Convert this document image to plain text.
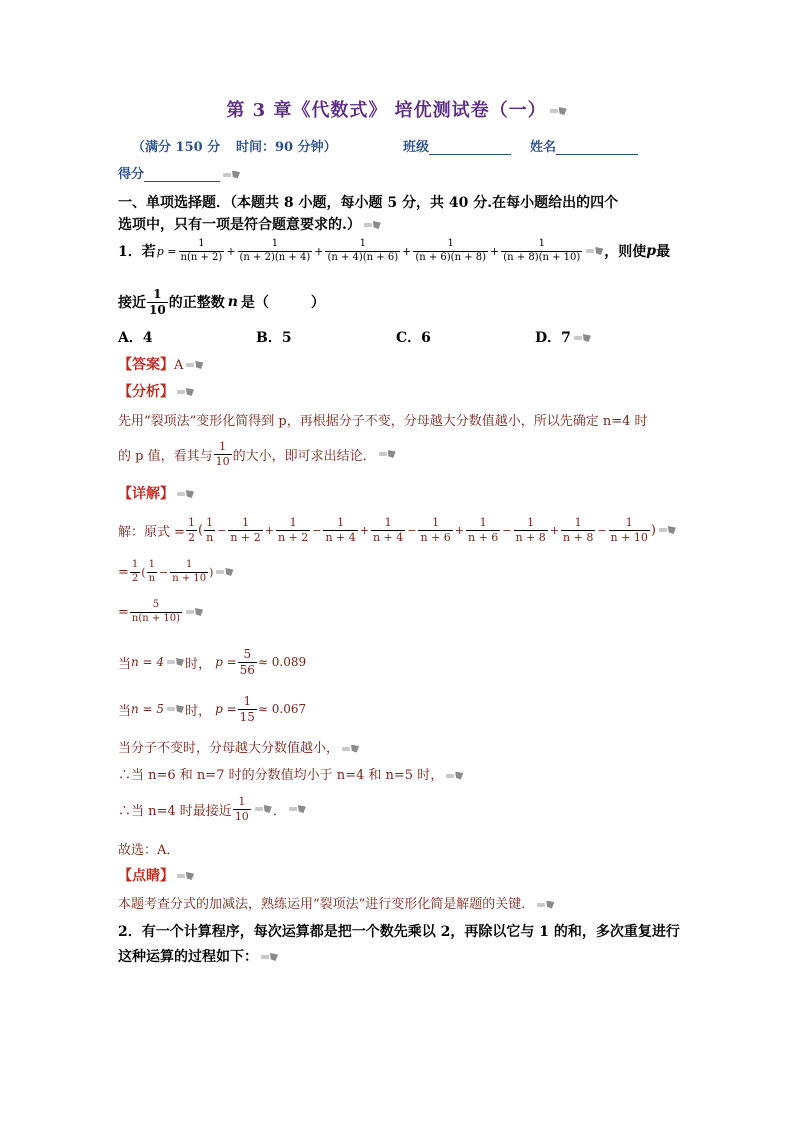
第 3 章《代数式》 培优测试卷（一）
（满分 150 分 时间：90 分钟）	班级	姓名
得分
一、单项选择题．（本题共 8 小题，每小题 5 分，共 40 分.在每小题给出的四个
选项中，只有一项是符合题意要求的.）
1．若 $p = \frac{1}{n(n + 2)} + \frac{1}{(n + 2)(n + 4)} + \frac{1}{(n + 4)(n + 6)} + \frac{1}{(n + 6)(n + 8)} + \frac{1}{(n + 8)(n + 10)}$ ，则使 p 最
接近 $\frac{1}{10}$ 的正整数 n 是（　　　）
A．4	B．5	C．6	D．7
【答案】A
【分析】
先用“裂项法”变形化简得到 p，再根据分子不变，分母越大分数值越小，所以先确定 n=4 时
的 p 值，看其与 $\frac{1}{10}$ 的大小，即可求出结论．
【详解】
解：原式 = $\frac{1}{2}$ ( $\frac{1}{n} - \frac{1}{n + 2} + \frac{1}{n + 2} - \frac{1}{n + 4} + \frac{1}{n + 4} - \frac{1}{n + 6} + \frac{1}{n + 6} - \frac{1}{n + 8} + \frac{1}{n + 8} - \frac{1}{n + 10}$ )
= $\frac{1}{2}$ ( $\frac{1}{n} - \frac{1}{n + 10}$ )
= $\frac{5}{n(n + 10)}$
当 n = 4 时， $p = \frac{5}{56} \approx 0.089$
当 n = 5 时， $p = \frac{1}{15} \approx 0.067$
当分子不变时，分母越大分数值越小，
∴当 n=6 和 n=7 时的分数值均小于 n=4 和 n=5 时，
∴当 n=4 时最接近 $\frac{1}{10}$ ．
故选：A．
【点睛】
本题考查分式的加减法，熟练运用“裂项法”进行变形化简是解题的关键．
2．有一个计算程序，每次运算都是把一个数先乘以 2，再除以它与 1 的和，多次重复进行
这种运算的过程如下：
